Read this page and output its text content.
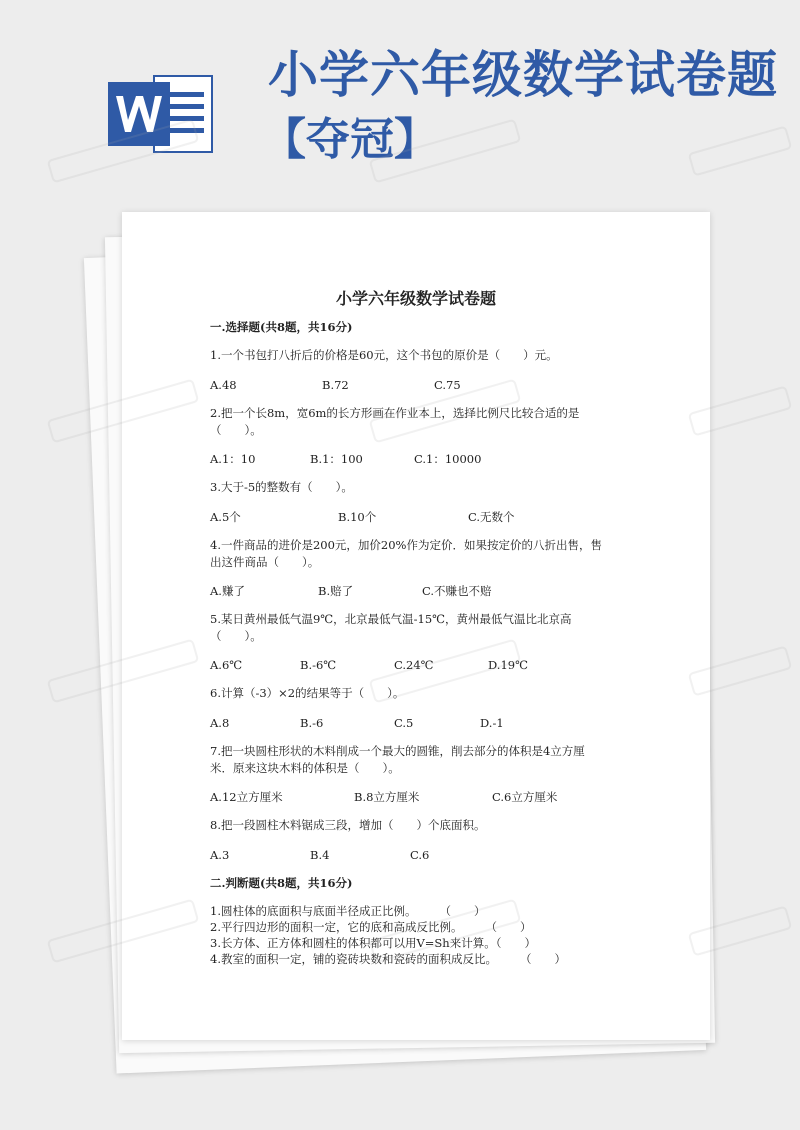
小学六年级数学试卷题
【夺冠】
小学六年级数学试卷题
一.选择题(共8题，共16分)
1.一个书包打八折后的价格是60元，这个书包的原价是（　　）元。
A.48	B.72	C.75
2.把一个长8m，宽6m的长方形画在作业本上，选择比例尺比较合适的是
（　　）。
A.1：10	B.1：100	C.1：10000
3.大于-5的整数有（　　）。
A.5个	B.10个	C.无数个
4.一件商品的进价是200元，加价20%作为定价．如果按定价的八折出售，售
出这件商品（　　）。
A.赚了	B.赔了	C.不赚也不赔
5.某日黄州最低气温9℃，北京最低气温-15℃，黄州最低气温比北京高
（　　）。
A.6℃	B.-6℃	C.24℃	D.19℃
6.计算（-3）×2的结果等于（　　）。
A.8	B.-6	C.5	D.-1
7.把一块圆柱形状的木料削成一个最大的圆锥，削去部分的体积是4立方厘
米．原来这块木料的体积是（　　）。
A.12立方厘米	B.8立方厘米	C.6立方厘米
8.把一段圆柱木料锯成三段，增加（　　）个底面积。
A.3	B.4	C.6
二.判断题(共8题，共16分)
1.圆柱体的底面积与底面半径成正比例。　　　（　　）
2.平行四边形的面积一定，它的底和高成反比例。　　　（　　）
3.长方体、正方体和圆柱的体积都可以用V=Sh来计算。（　　）
4.教室的面积一定，铺的瓷砖块数和瓷砖的面积成反比。　　　（　　）
